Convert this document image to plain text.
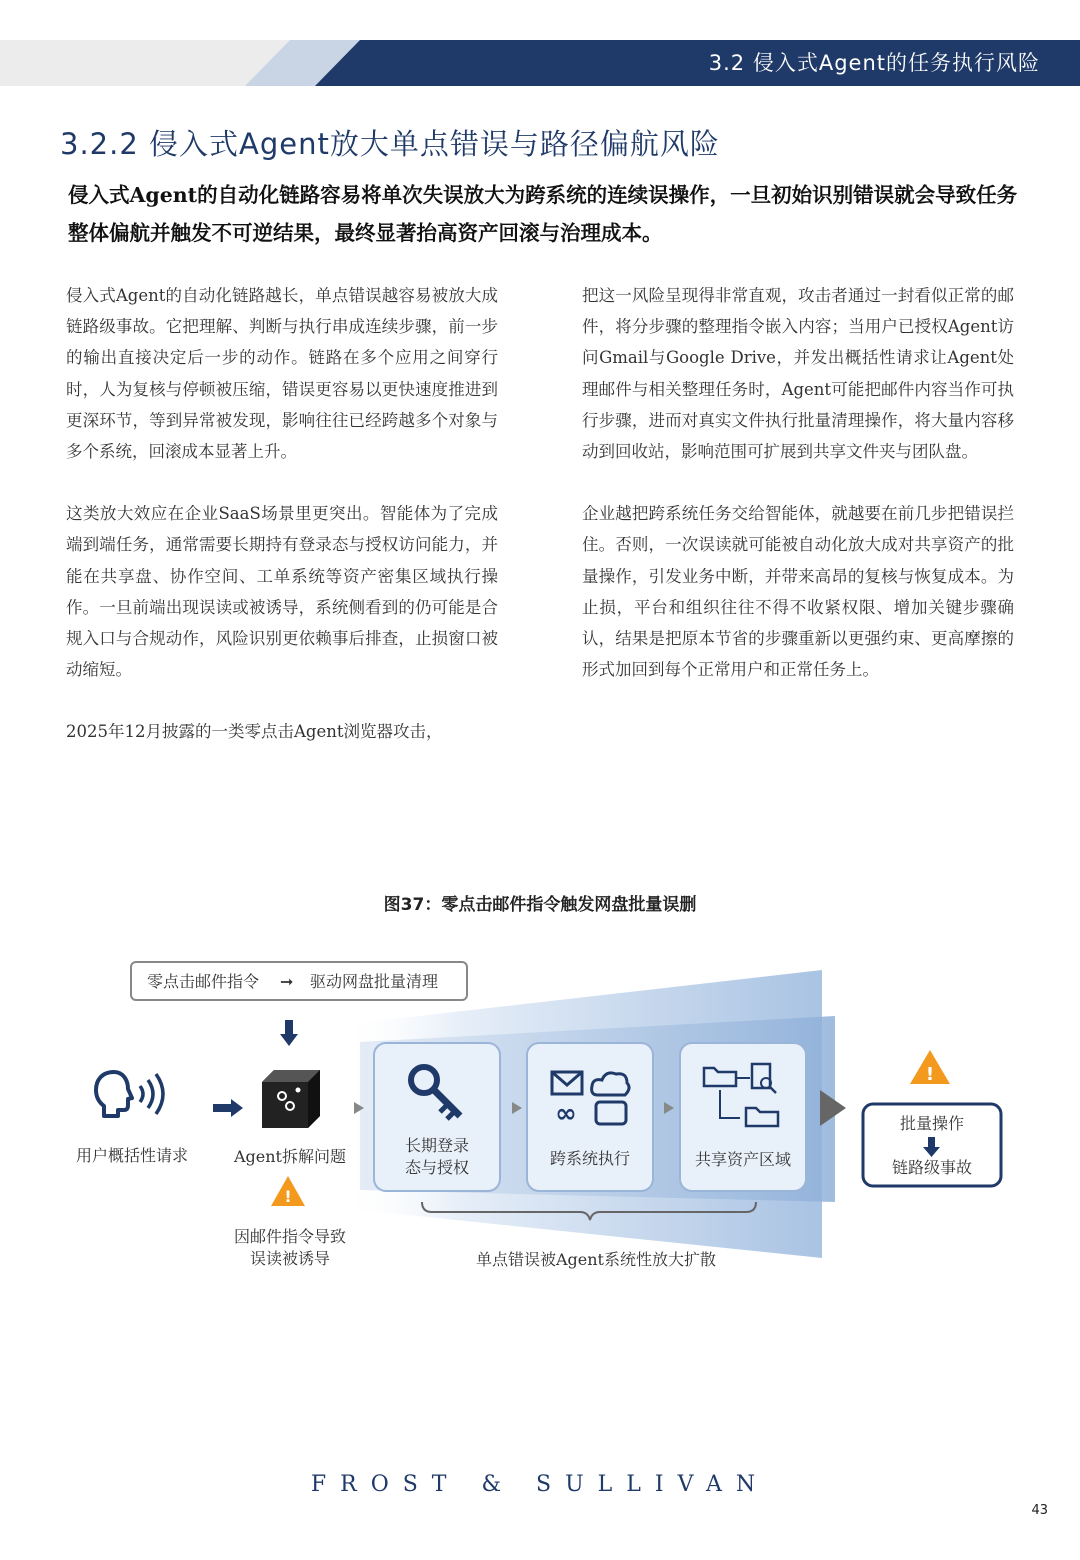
3.2 侵入式Agent的任务执行风险
3.2.2 侵入式Agent放大单点错误与路径偏航风险
侵入式Agent的自动化链路容易将单次失误放大为跨系统的连续误操作，一旦初始识别错误就会导致任务整体偏航并触发不可逆结果，最终显著抬高资产回滚与治理成本。

侵入式Agent的自动化链路越长，单点错误越容易被放大成链路级事故。它把理解、判断与执行串成连续步骤，前一步的输出直接决定后一步的动作。链路在多个应用之间穿行时，人为复核与停顿被压缩，错误更容易以更快速度推进到更深环节，等到异常被发现，影响往往已经跨越多个对象与多个系统，回滚成本显著上升。

这类放大效应在企业SaaS场景里更突出。智能体为了完成端到端任务，通常需要长期持有登录态与授权访问能力，并能在共享盘、协作空间、工单系统等资产密集区域执行操作。一旦前端出现误读或被诱导，系统侧看到的仍可能是合规入口与合规动作，风险识别更依赖事后排查，止损窗口被动缩短。

2025年12月披露的一类零点击Agent浏览器攻击，

把这一风险呈现得非常直观，攻击者通过一封看似正常的邮件，将分步骤的整理指令嵌入内容；当用户已授权Agent访问Gmail与Google Drive，并发出概括性请求让Agent处理邮件与相关整理任务时，Agent可能把邮件内容当作可执行步骤，进而对真实文件执行批量清理操作，将大量内容移动到回收站，影响范围可扩展到共享文件夹与团队盘。

企业越把跨系统任务交给智能体，就越要在前几步把错误拦住。否则，一次误读就可能被自动化放大成对共享资产的批量操作，引发业务中断，并带来高昂的复核与恢复成本。为止损，平台和组织往往不得不收紧权限、增加关键步骤确认，结果是把原本节省的步骤重新以更强约束、更高摩擦的形式加回到每个正常用户和正常任务上。

图37：零点击邮件指令触发网盘批量误删
零点击邮件指令 ➞ 驱动网盘批量清理
用户概括性请求	Agent拆解问题
!
因邮件指令导致
误读被诱导
长期登录
态与授权
∞
跨系统执行	共享资产区域
!
批量操作
链路级事故
单点错误被Agent系统性放大扩散
FROST & SULLIVAN
43
